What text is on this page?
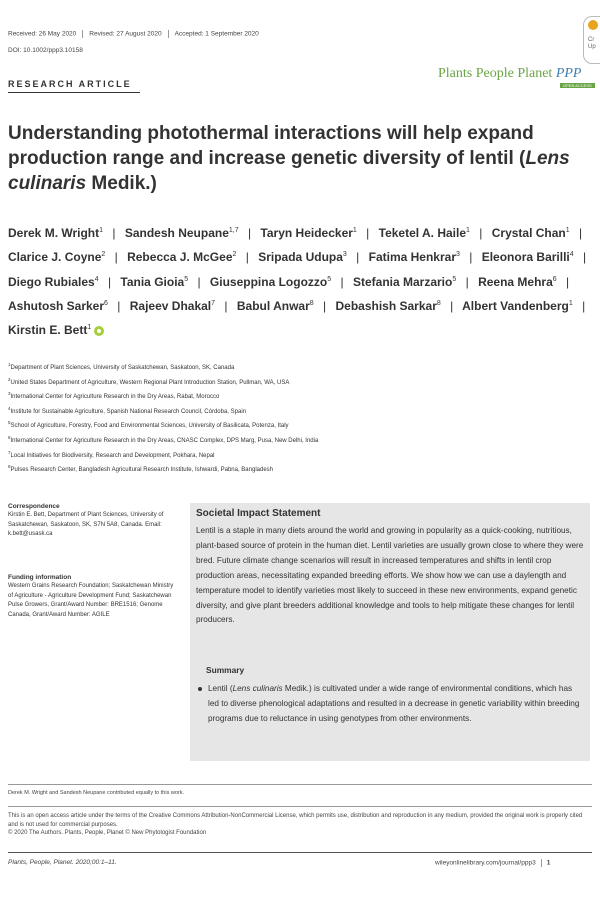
Received: 26 May 2020 Revised: 27 August 2020 Accepted: 1 September 2020
DOI: 10.1002/ppp3.10158
Cr
Up
RESEARCH ARTICLE
Plants People Planet PPP
OPEN ACCESS
Understanding photothermal interactions will help expand production range and increase genetic diversity of lentil (Lens culinaris Medik.)
Derek M. Wright$^1$ | Sandesh Neupane$^{1,7}$ | Taryn Heidecker$^1$ | Teketel A. Haile$^1$ | Crystal Chan$^1$ | Clarice J. Coyne$^2$ | Rebecca J. McGee$^2$ | Sripada Udupa$^3$ | Fatima Henkrar$^3$ | Eleonora Barilli$^4$ | Diego Rubiales$^4$ | Tania Gioia$^5$ | Giuseppina Logozzo$^5$ | Stefania Marzario$^5$ | Reena Mehra$^6$ | Ashutosh Sarker$^6$ | Rajeev Dhakal$^7$ | Babul Anwar$^8$ | Debashish Sarkar$^8$ | Albert Vandenberg$^1$ | Kirstin E. Bett$^1$
$^1$Department of Plant Sciences, University of Saskatchewan, Saskatoon, SK, Canada
$^2$United States Department of Agriculture, Western Regional Plant Introduction Station, Pullman, WA, USA
$^3$International Center for Agriculture Research in the Dry Areas, Rabat, Morocco
$^4$Institute for Sustainable Agriculture, Spanish National Research Council, Córdoba, Spain
$^5$School of Agriculture, Forestry, Food and Environmental Sciences, University of Basilicata, Potenza, Italy
$^6$International Center for Agriculture Research in the Dry Areas, CNASC Complex, DPS Marg, Pusa, New Delhi, India
$^7$Local Initiatives for Biodiversity, Research and Development, Pokhara, Nepal
$^8$Pulses Research Center, Bangladesh Agricultural Research Institute, Ishwardi, Pabna, Bangladesh
Correspondence
Kirstin E. Bett, Department of Plant Sciences, University of Saskatchewan, Saskatoon, SK, S7N 5A8, Canada. Email: k.bett@usask.ca
Funding information
Western Grains Research Foundation; Saskatchewan Ministry of Agriculture - Agriculture Development Fund; Saskatchewan Pulse Growers, Grant/Award Number: BRE1516; Genome Canada, Grant/Award Number: AGILE
Societal Impact Statement

Lentil is a staple in many diets around the world and growing in popularity as a quick-cooking, nutritious, plant-based source of protein in the human diet. Lentil varieties are usually grown close to where they were bred. Future climate change scenarios will result in increased temperatures and shifts in lentil crop production areas, necessitating expanded breeding efforts. We show how we can use a daylength and temperature model to identify varieties most likely to succeed in these new environments, expand genetic diversity, and give plant breeders additional knowledge and tools to help mitigate these changes for lentil producers.

Summary

Lentil (Lens culinaris Medik.) is cultivated under a wide range of environmental conditions, which has led to diverse phenological adaptations and resulted in a decrease in genetic variability within breeding programs due to reluctance in using genotypes from other environments.

Derek M. Wright and Sandesh Neupane contributed equally to this work.
This is an open access article under the terms of the Creative Commons Attribution-NonCommercial License, which permits use, distribution and reproduction in any medium, provided the original work is properly cited and is not used for commercial purposes.
© 2020 The Authors. Plants, People, Planet © New Phytologist Foundation
Plants, People, Planet. 2020;00:1–11.	wileyonlinelibrary.com/journal/ppp3 1
